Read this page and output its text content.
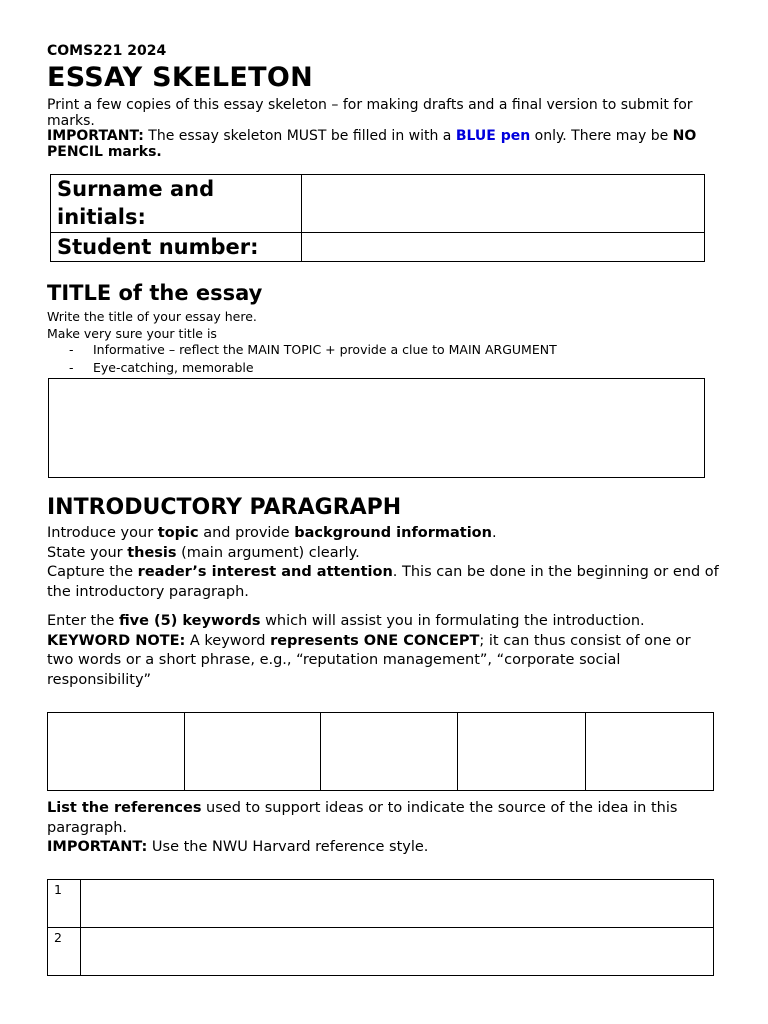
COMS221 2024
ESSAY SKELETON
Print a few copies of this essay skeleton – for making drafts and a final version to submit for marks.
IMPORTANT: The essay skeleton MUST be filled in with a BLUE pen only. There may be NO PENCIL marks.
Surname and initials:	
Student number:	
TITLE of the essay
Write the title of your essay here.
Make very sure your title is
- Informative – reflect the MAIN TOPIC + provide a clue to MAIN ARGUMENT
- Eye-catching, memorable
INTRODUCTORY PARAGRAPH
Introduce your topic and provide background information.
State your thesis (main argument) clearly.
Capture the reader’s interest and attention. This can be done in the beginning or end of the introductory paragraph.
Enter the five (5) keywords which will assist you in formulating the introduction.
KEYWORD NOTE: A keyword represents ONE CONCEPT; it can thus consist of one or two words or a short phrase, e.g., “reputation management”, “corporate social responsibility”

List the references used to support ideas or to indicate the source of the idea in this paragraph.
IMPORTANT: Use the NWU Harvard reference style.
1	
2	
